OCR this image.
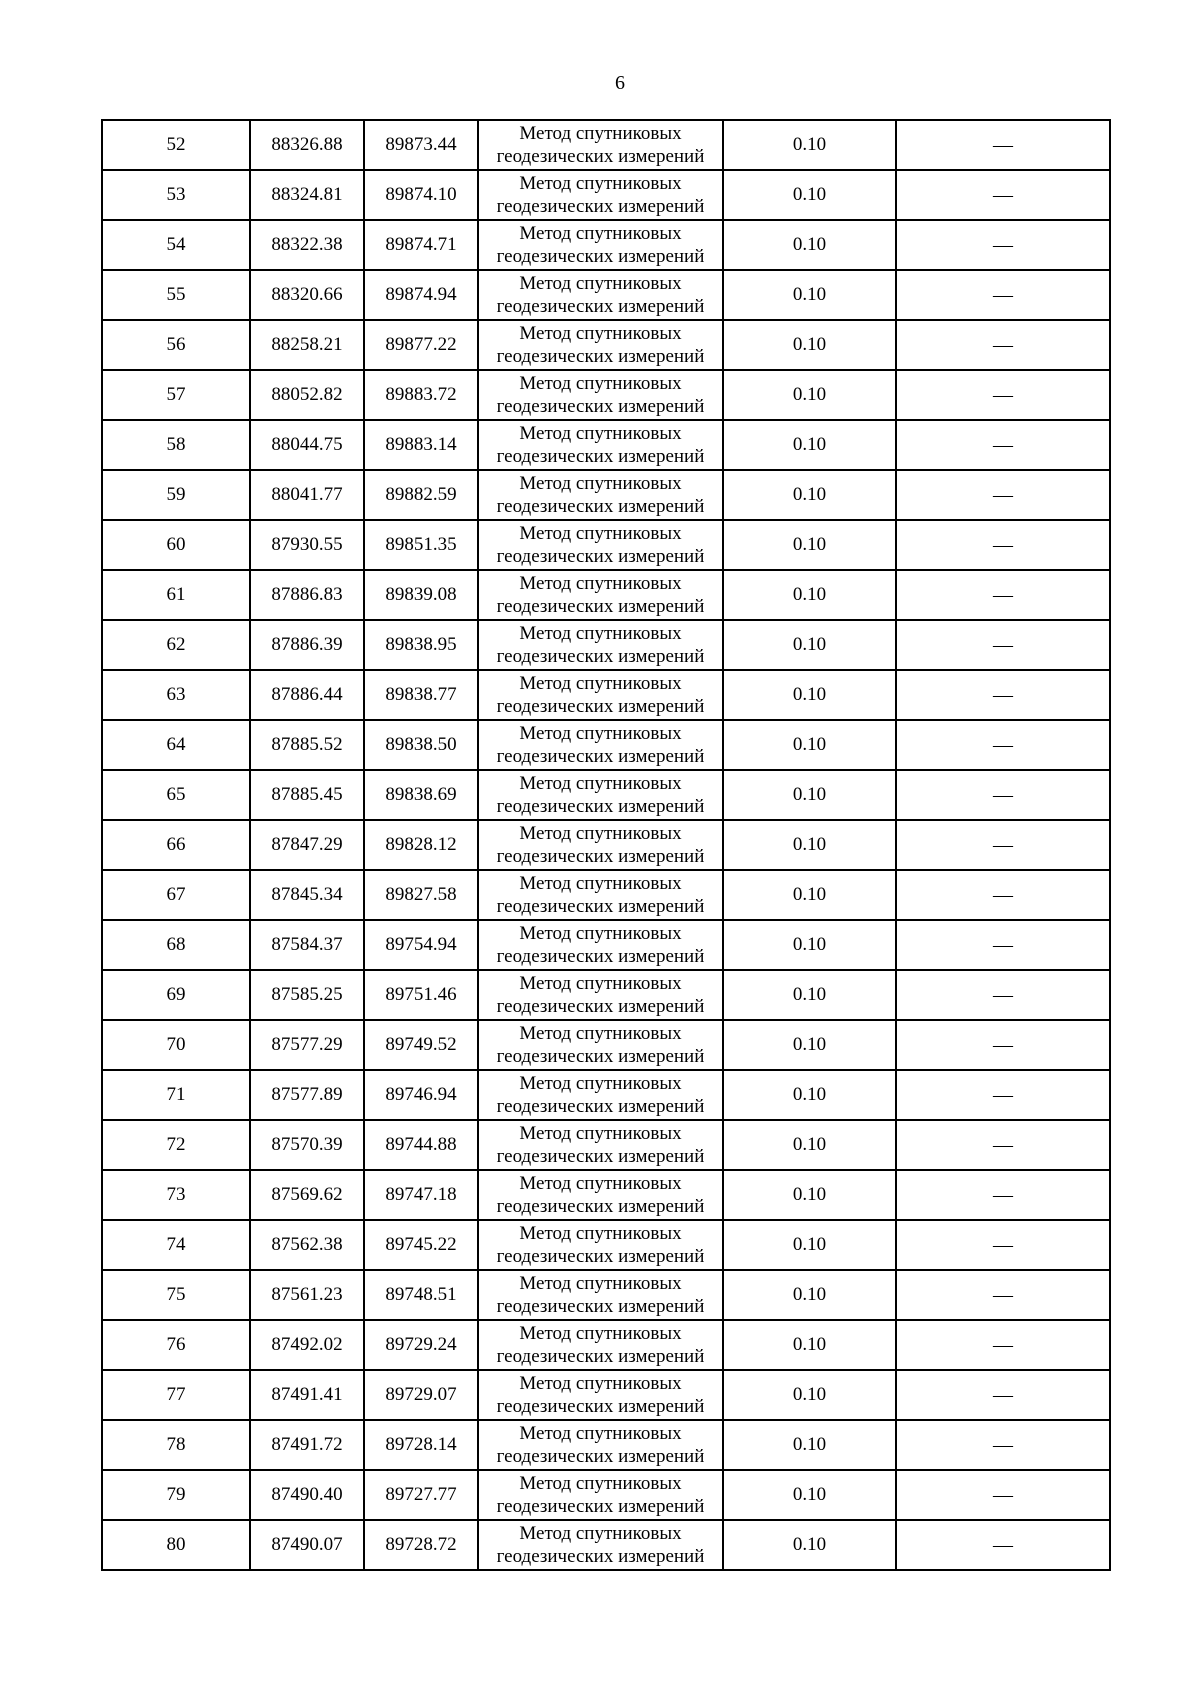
6
52	88326.88	89873.44	Метод спутниковых
геодезических измерений	0.10	—
53	88324.81	89874.10	Метод спутниковых
геодезических измерений	0.10	—
54	88322.38	89874.71	Метод спутниковых
геодезических измерений	0.10	—
55	88320.66	89874.94	Метод спутниковых
геодезических измерений	0.10	—
56	88258.21	89877.22	Метод спутниковых
геодезических измерений	0.10	—
57	88052.82	89883.72	Метод спутниковых
геодезических измерений	0.10	—
58	88044.75	89883.14	Метод спутниковых
геодезических измерений	0.10	—
59	88041.77	89882.59	Метод спутниковых
геодезических измерений	0.10	—
60	87930.55	89851.35	Метод спутниковых
геодезических измерений	0.10	—
61	87886.83	89839.08	Метод спутниковых
геодезических измерений	0.10	—
62	87886.39	89838.95	Метод спутниковых
геодезических измерений	0.10	—
63	87886.44	89838.77	Метод спутниковых
геодезических измерений	0.10	—
64	87885.52	89838.50	Метод спутниковых
геодезических измерений	0.10	—
65	87885.45	89838.69	Метод спутниковых
геодезических измерений	0.10	—
66	87847.29	89828.12	Метод спутниковых
геодезических измерений	0.10	—
67	87845.34	89827.58	Метод спутниковых
геодезических измерений	0.10	—
68	87584.37	89754.94	Метод спутниковых
геодезических измерений	0.10	—
69	87585.25	89751.46	Метод спутниковых
геодезических измерений	0.10	—
70	87577.29	89749.52	Метод спутниковых
геодезических измерений	0.10	—
71	87577.89	89746.94	Метод спутниковых
геодезических измерений	0.10	—
72	87570.39	89744.88	Метод спутниковых
геодезических измерений	0.10	—
73	87569.62	89747.18	Метод спутниковых
геодезических измерений	0.10	—
74	87562.38	89745.22	Метод спутниковых
геодезических измерений	0.10	—
75	87561.23	89748.51	Метод спутниковых
геодезических измерений	0.10	—
76	87492.02	89729.24	Метод спутниковых
геодезических измерений	0.10	—
77	87491.41	89729.07	Метод спутниковых
геодезических измерений	0.10	—
78	87491.72	89728.14	Метод спутниковых
геодезических измерений	0.10	—
79	87490.40	89727.77	Метод спутниковых
геодезических измерений	0.10	—
80	87490.07	89728.72	Метод спутниковых
геодезических измерений	0.10	—
